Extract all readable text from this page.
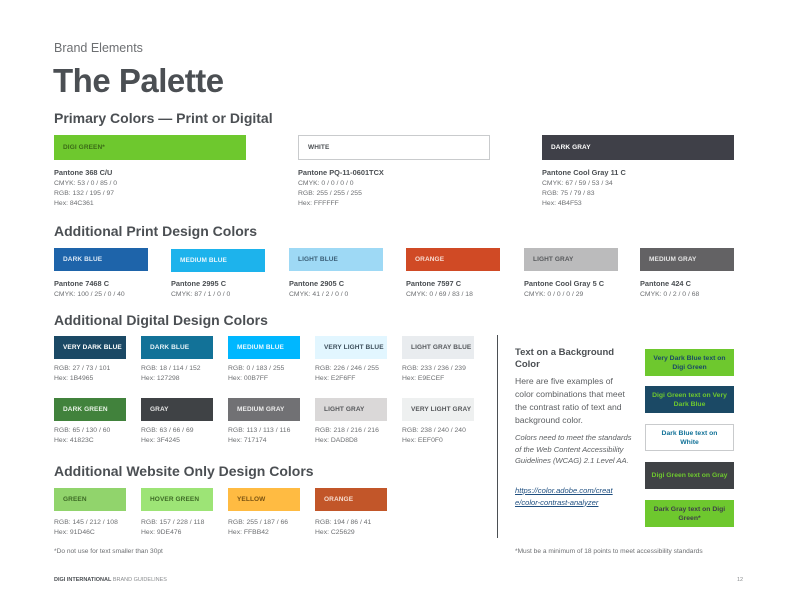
Brand Elements
The Palette
Primary Colors — Print or Digital
DIGI GREEN*
Pantone 368 C/U
CMYK: 53 / 0 / 85 / 0
RGB: 132 / 195 / 97
Hex: 84C361
WHITE
Pantone PQ-11-0601TCX
CMYK: 0 / 0 / 0 / 0
RGB: 255 / 255 / 255
Hex: FFFFFF
DARK GRAY
Pantone Cool Gray 11 C
CMYK: 67 / 59 / 53 / 34
RGB: 75 / 79 / 83
Hex: 4B4F53
Additional Print Design Colors
DARK BLUE
Pantone 7468 C
CMYK: 100 / 25 / 0 / 40
MEDIUM BLUE
Pantone 2995 C
CMYK: 87 / 1 / 0 / 0
LIGHT BLUE
Pantone 2905 C
CMYK: 41 / 2 / 0 / 0
ORANGE
Pantone 7597 C
CMYK: 0 / 69 / 83 / 18
LIGHT GRAY
Pantone Cool Gray 5 C
CMYK: 0 / 0 / 0 / 29
MEDIUM GRAY
Pantone 424 C
CMYK: 0 / 2 / 0 / 68
Additional Digital Design Colors
VERY DARK BLUE
RGB: 27 / 73 / 101
Hex: 1B4965
DARK BLUE
RGB: 18 / 114 / 152
Hex: 127298
MEDIUM BLUE
RGB: 0 / 183 / 255
Hex: 00B7FF
VERY LIGHT BLUE
RGB: 226 / 246 / 255
Hex: E2F6FF
LIGHT GRAY BLUE
RGB: 233 / 236 / 239
Hex: E9ECEF
DARK GREEN
RGB: 65 / 130 / 60
Hex: 41823C
GRAY
RGB: 63 / 66 / 69
Hex: 3F4245
MEDIUM GRAY
RGB: 113 / 113 / 116
Hex: 717174
LIGHT GRAY
RGB: 218 / 216 / 216
Hex: DAD8D8
VERY LIGHT GRAY
RGB: 238 / 240 / 240
Hex: EEF0F0
Additional Website Only Design Colors
GREEN
RGB: 145 / 212 / 108
Hex: 91D46C
HOVER GREEN
RGB: 157 / 228 / 118
Hex: 9DE476
YELLOW
RGB: 255 / 187 / 66
Hex: FFBB42
ORANGE
RGB: 194 / 86 / 41
Hex: C25629
*Do not use for text smaller than 30pt
Text on a Background Color
Here are five examples of color combinations that meet the contrast ratio of text and background color.
Colors need to meet the standards of the Web Content Accessibility Guidelines (WCAG) 2.1 Level AA.
https://color.adobe.com/create/color-contrast-analyzer
Very Dark Blue text on Digi Green
Digi Green text on Very Dark Blue
Dark Blue text on White
Digi Green text on Gray
Dark Gray text on Digi Green*
*Must be a minimum of 18 points to meet accessibility standards
DIGI INTERNATIONAL BRAND GUIDELINES	12
